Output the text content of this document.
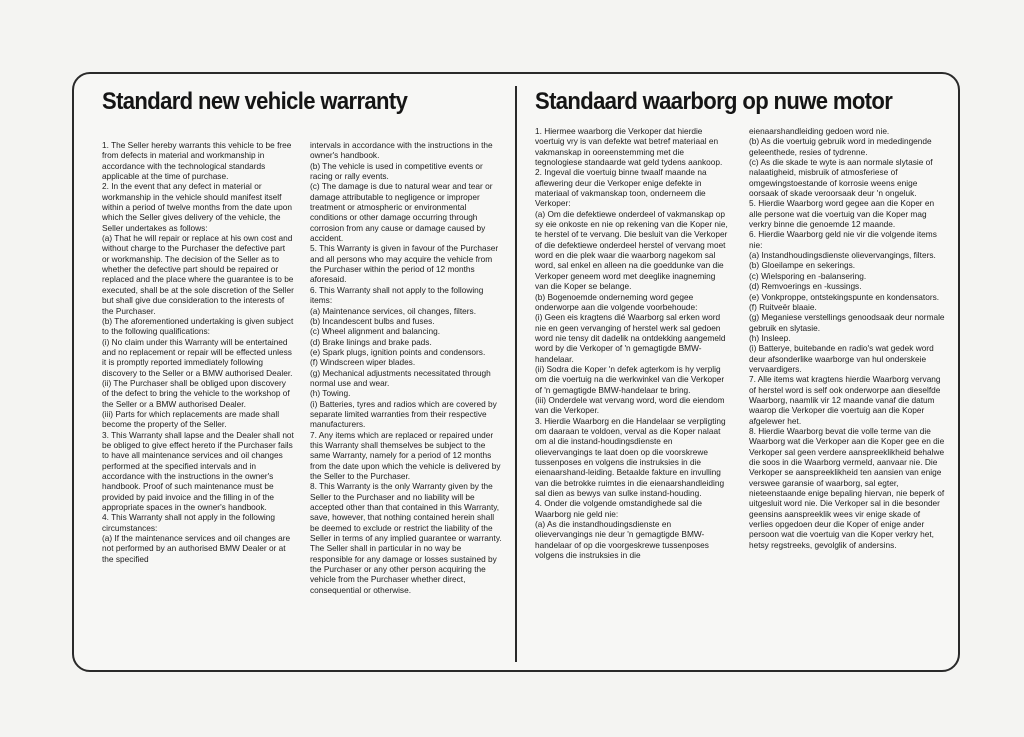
Standard new vehicle warranty

1. The Seller hereby warrants this vehicle to be free from defects in material and workmanship in accordance with the technological standards applicable at the time of purchase.

2. In the event that any defect in material or workmanship in the vehicle should manifest itself within a period of twelve months from the date upon which the Seller gives delivery of the vehicle, the Seller undertakes as follows:

(a) That he will repair or replace at his own cost and without charge to the Purchaser the defective part or workmanship. The decision of the Seller as to whether the defective part should be repaired or replaced and the place where the guarantee is to be executed, shall be at the sole discretion of the Seller but shall give due consideration to the interests of the Purchaser.

(b) The aforementioned undertaking is given subject to the following qualifications:

(i) No claim under this Warranty will be entertained and no replacement or repair will be effected unless it is promptly reported immediately following discovery to the Seller or a BMW authorised Dealer.

(ii) The Purchaser shall be obliged upon discovery of the defect to bring the vehicle to the workshop of the Seller or a BMW authorised Dealer.

(iii) Parts for which replacements are made shall become the property of the Seller.

3. This Warranty shall lapse and the Dealer shall not be obliged to give effect hereto if the Purchaser fails to have all maintenance services and oil changes performed at the specified intervals and in accordance with the instructions in the owner's handbook. Proof of such maintenance must be provided by paid invoice and the filling in of the appropriate spaces in the owner's handbook.

4. This Warranty shall not apply in the following circumstances:

(a) If the maintenance services and oil changes are not performed by an authorised BMW Dealer or at the specified

intervals in accordance with the instructions in the owner's handbook.

(b) The vehicle is used in competitive events or racing or rally events.

(c) The damage is due to natural wear and tear or damage attributable to negligence or improper treatment or atmospheric or environmental conditions or other damage occurring through corrosion from any cause or damage caused by accident.

5. This Warranty is given in favour of the Purchaser and all persons who may acquire the vehicle from the Purchaser within the period of 12 months aforesaid.

6. This Warranty shall not apply to the following items:

(a) Maintenance services, oil changes, filters.

(b) Incandescent bulbs and fuses.

(c) Wheel alignment and balancing.

(d) Brake linings and brake pads.

(e) Spark plugs, ignition points and condensors.

(f) Windscreen wiper blades.

(g) Mechanical adjustments necessitated through normal use and wear.

(h) Towing.

(i) Batteries, tyres and radios which are covered by separate limited warranties from their respective manufacturers.

7. Any items which are replaced or repaired under this Warranty shall themselves be subject to the same Warranty, namely for a period of 12 months from the date upon which the vehicle is delivered by the Seller to the Purchaser.

8. This Warranty is the only Warranty given by the Seller to the Purchaser and no liability will be accepted other than that contained in this Warranty, save, however, that nothing contained herein shall be deemed to exclude or restrict the liability of the Seller in terms of any implied guarantee or warranty. The Seller shall in particular in no way be responsible for any damage or losses sustained by the Purchaser or any other person acquiring the vehicle from the Purchaser whether direct, consequential or otherwise.

Standaard waarborg op nuwe motor

1. Hiermee waarborg die Verkoper dat hierdie voertuig vry is van defekte wat betref materiaal en vakmanskap in ooreenstemming met die tegnologiese standaarde wat geld tydens aankoop.

2. Ingeval die voertuig binne twaalf maande na aflewering deur die Verkoper enige defekte in materiaal of vakmanskap toon, onderneem die Verkoper:

(a) Om die defektiewe onderdeel of vakmanskap op sy eie onkoste en nie op rekening van die Koper nie, te herstel of te vervang. Die besluit van die Verkoper of die defektiewe onderdeel herstel of vervang moet word en die plek waar die waarborg nagekom sal word, sal enkel en alleen na die goeddunke van die Verkoper geneem word met deeglike inagneming van die Koper se belange.

(b) Bogenoemde onderneming word gegee onderworpe aan die volgende voorbehoude:

(i) Geen eis kragtens dié Waarborg sal erken word nie en geen vervanging of herstel werk sal gedoen word nie tensy dit dadelik na ontdekking aangemeld word by die Verkoper of 'n gemagtigde BMW-handelaar.

(ii) Sodra die Koper 'n defek agterkom is hy verplig om die voertuig na die werkwinkel van die Verkoper of 'n gemagtigde BMW-handelaar te bring.

(iii) Onderdele wat vervang word, word die eiendom van die Verkoper.

3. Hierdie Waarborg en die Handelaar se verpligting om daaraan te voldoen, verval as die Koper nalaat om al die instand-houdingsdienste en olievervangings te laat doen op die voorskrewe tussenposes en volgens die instruksies in die eienaarshand-leiding. Betaalde fakture en invulling van die betrokke ruimtes in die eienaarshandleiding sal dien as bewys van sulke instand-houding.

4. Onder die volgende omstandighede sal die Waarborg nie geld nie:

(a) As die instandhoudingsdienste en olievervangings nie deur 'n gemagtigde BMW-handelaar of op die voorgeskrewe tussenposes volgens die instruksies in die

eienaarshandleiding gedoen word nie.

(b) As die voertuig gebruik word in mededingende geleenthede, resies of tydrenne.

(c) As die skade te wyte is aan normale slytasie of nalaatigheid, misbruik of atmosferiese of omgewingstoestande of korrosie weens enige oorsaak of skade veroorsaak deur 'n ongeluk.

5. Hierdie Waarborg word gegee aan die Koper en alle persone wat die voertuig van die Koper mag verkry binne die genoemde 12 maande.

6. Hierdie Waarborg geld nie vir die volgende items nie:

(a) Instandhoudingsdienste olievervangings, filters.

(b) Gloeilampe en sekerings.

(c) Wielsporing en -balansering.

(d) Remvoerings en -kussings.

(e) Vonkproppe, ontstekingspunte en kondensators.

(f) Ruitveër blaaie.

(g) Meganiese verstellings genoodsaak deur normale gebruik en slytasie.

(h) Insleep.

(i) Batterye, buitebande en radio's wat gedek word deur afsonderlike waarborge van hul onderskeie vervaardigers.

7. Alle items wat kragtens hierdie Waarborg vervang of herstel word is self ook onderworpe aan dieselfde Waarborg, naamlik vir 12 maande vanaf die datum waarop die Verkoper die voertuig aan die Koper afgelewer het.

8. Hierdie Waarborg bevat die volle terme van die Waarborg wat die Verkoper aan die Koper gee en die Verkoper sal geen verdere aanspreeklikheid behalwe die soos in die Waarborg vermeld, aanvaar nie. Die Verkoper se aanspreeklikheid ten aansien van enige verswee garansie of waarborg, sal egter, nieteenstaande enige bepaling hiervan, nie beperk of uitgesluit word nie. Die Verkoper sal in die besonder geensins aanspreeklik wees vir enige skade of verlies opgedoen deur die Koper of enige ander persoon wat die voertuig van die Koper verkry het, hetsy regstreeks, gevolglik of andersins.
